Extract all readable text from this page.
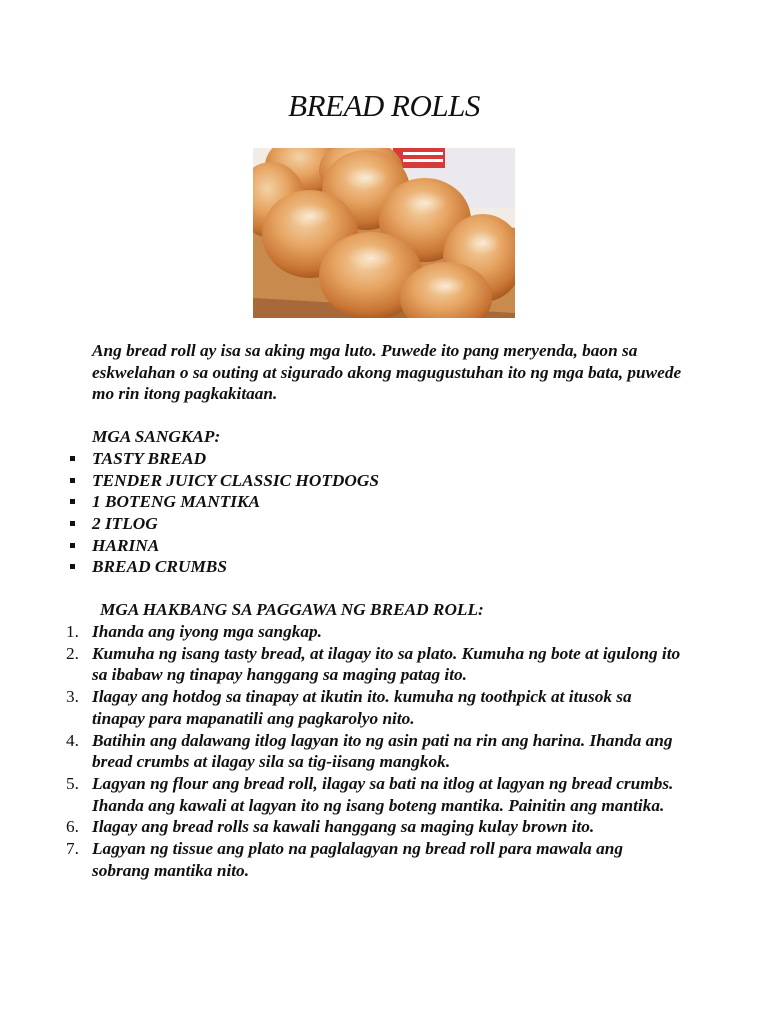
BREAD ROLLS
Ang bread roll ay isa sa aking mga luto. Puwede ito pang meryenda, baon sa eskwelahan o sa outing at sigurado akong magugustuhan ito ng mga bata, puwede mo rin itong pagkakitaan.
MGA SANGKAP:
TASTY BREAD
TENDER JUICY CLASSIC HOTDOGS
1 BOTENG MANTIKA
2 ITLOG
HARINA
BREAD CRUMBS
MGA HAKBANG SA PAGGAWA NG BREAD ROLL:
1. Ihanda ang iyong mga sangkap.
2. Kumuha ng isang tasty bread, at ilagay ito sa plato. Kumuha ng bote at igulong ito sa ibabaw ng tinapay hanggang sa maging patag ito.
3. Ilagay ang hotdog sa tinapay at ikutin ito. kumuha ng toothpick at itusok sa tinapay para mapanatili ang pagkarolyo nito.
4. Batihin ang dalawang itlog lagyan ito ng asin pati na rin ang harina. Ihanda ang bread crumbs at ilagay sila sa tig-iisang mangkok.
5. Lagyan ng flour ang bread roll, ilagay sa bati na itlog at lagyan ng bread crumbs. Ihanda ang kawali at lagyan ito ng isang boteng mantika. Painitin ang mantika.
6. Ilagay ang bread rolls sa kawali hanggang sa maging kulay brown ito.
7. Lagyan ng tissue ang plato na paglalagyan ng bread roll para mawala ang sobrang mantika nito.
